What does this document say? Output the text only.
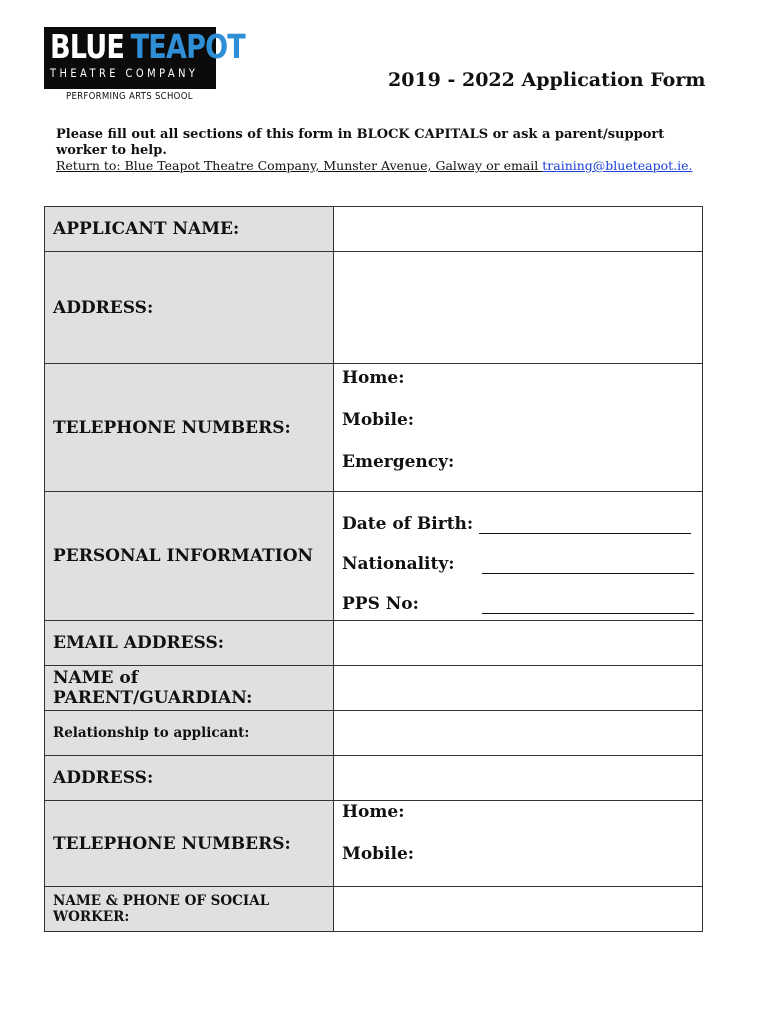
BLUE TEAPOT
THEATRE COMPANY
PERFORMING ARTS SCHOOL
2019 - 2022 Application Form
Please fill out all sections of this form in BLOCK CAPITALS or ask a parent/support worker to help.
Return to: Blue Teapot Theatre Company, Munster Avenue, Galway or email training@blueteapot.ie.
APPLICANT NAME:	
ADDRESS:	
TELEPHONE NUMBERS:	Home:
Mobile:
Emergency:

PERSONAL INFORMATION	Date of Birth:
Nationality:
PPS No:

EMAIL ADDRESS:	
NAME of PARENT/GUARDIAN:	
Relationship to applicant:	
ADDRESS:	
TELEPHONE NUMBERS:	Home:
Mobile:

NAME & PHONE OF SOCIAL WORKER:	
